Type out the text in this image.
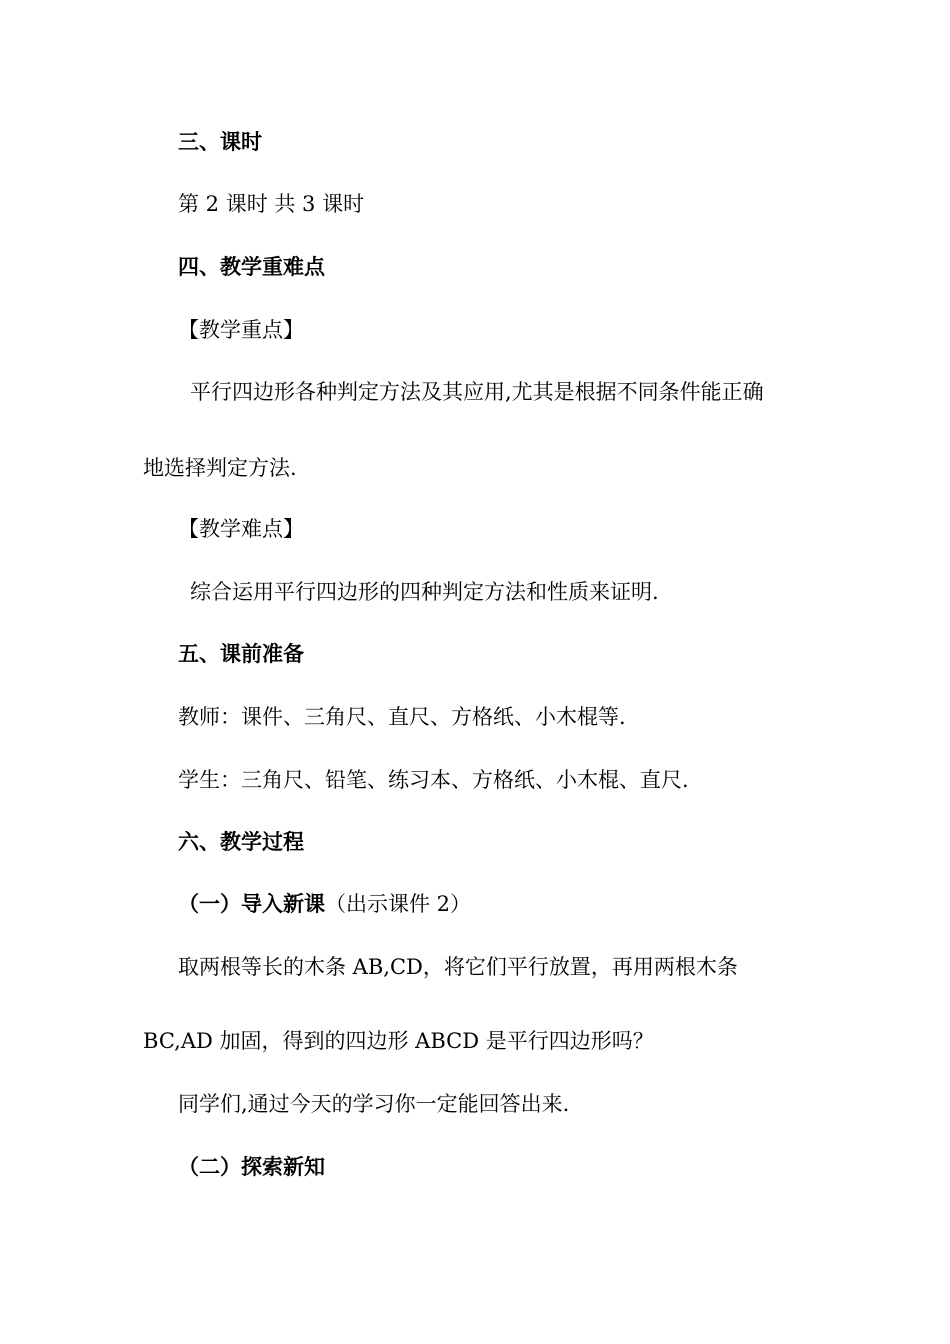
三、课时
第 2 课时 共 3 课时
四、教学重难点
【教学重点】
平行四边形各种判定方法及其应用,尤其是根据不同条件能正确
地选择判定方法.
【教学难点】
综合运用平行四边形的四种判定方法和性质来证明.
五、课前准备
教师：课件、三角尺、直尺、方格纸、小木棍等.
学生：三角尺、铅笔、练习本、方格纸、小木棍、直尺.
六、教学过程
（一）导入新课（出示课件 2）
取两根等长的木条 AB,CD，将它们平行放置，再用两根木条
BC,AD 加固，得到的四边形 ABCD 是平行四边形吗？
同学们,通过今天的学习你一定能回答出来.
（二）探索新知
